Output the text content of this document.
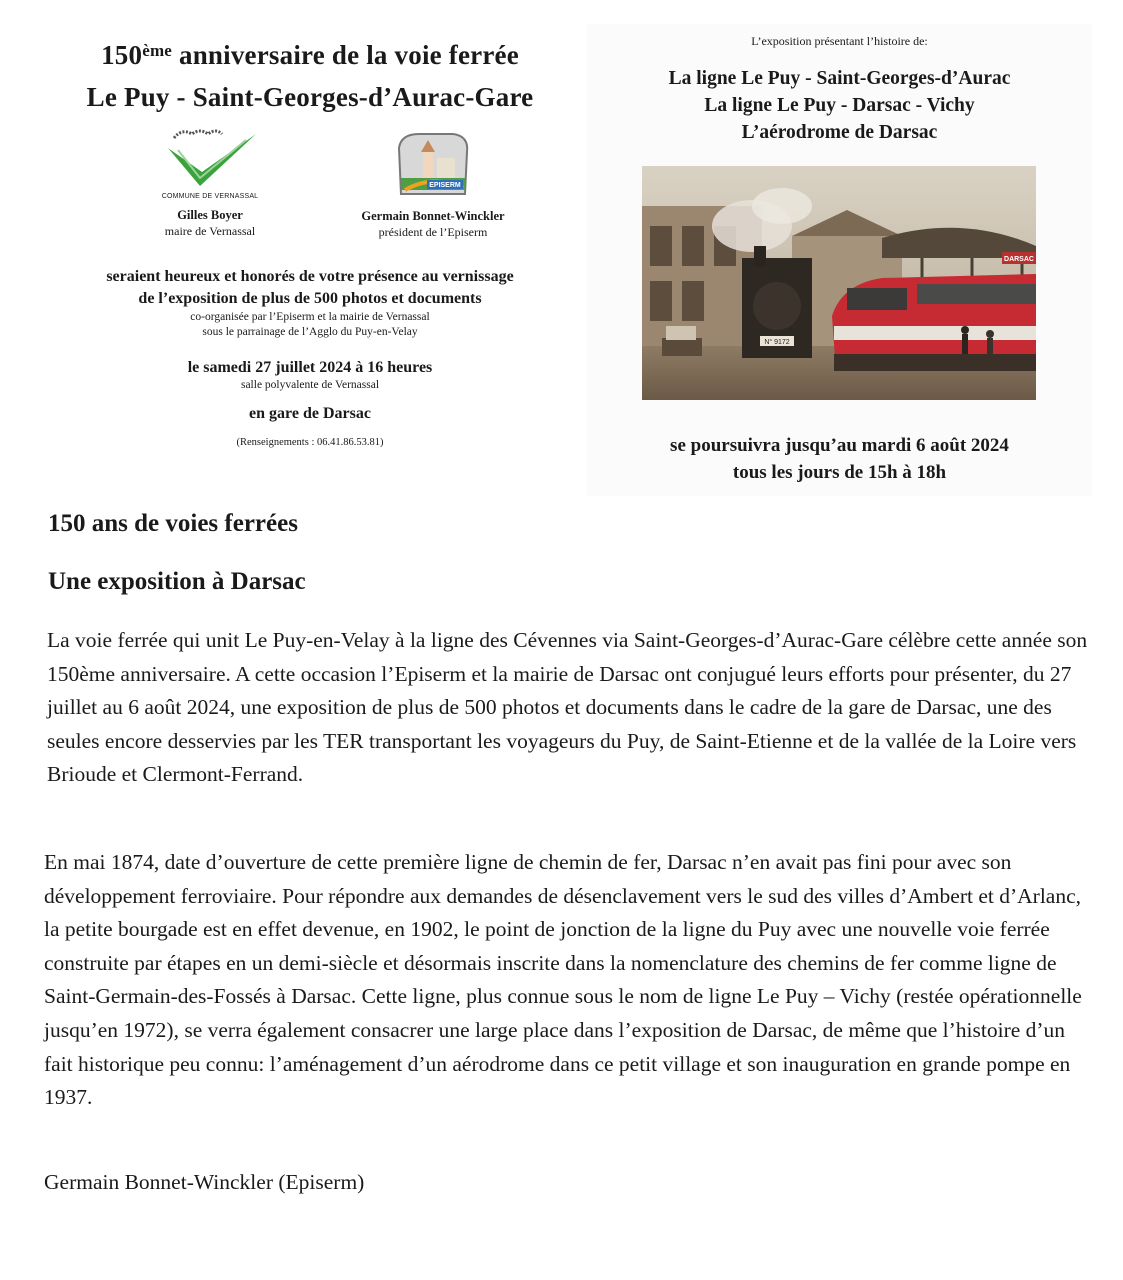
150ème anniversaire de la voie ferrée
Le Puy - Saint-Georges-d’Aurac-Gare
COMMUNE DE VERNASSAL
Gilles Boyer
maire de Vernassal
EPISERM
Germain Bonnet-Winckler
président de l’Episerm
seraient heureux et honorés de votre présence au vernissage
de l’exposition de plus de 500 photos et documents
co-organisée par l’Episerm et la mairie de Vernassal
sous le parrainage de l’Agglo du Puy-en-Velay
le samedi 27 juillet 2024 à 16 heures
salle polyvalente de Vernassal
en gare de Darsac
(Renseignements : 06.41.86.53.81)
L’exposition présentant l’histoire de:
La ligne Le Puy - Saint-Georges-d’Aurac
La ligne Le Puy - Darsac - Vichy
L’aérodrome de Darsac
DARSAC
N° 9172
se poursuivra jusqu’au mardi 6 août 2024
tous les jours de 15h à 18h
150 ans de voies ferrées
Une exposition à Darsac

La voie ferrée qui unit Le Puy-en-Velay à la ligne des Cévennes via Saint-Georges-d’Aurac-Gare célèbre cette année son 150ème anniversaire. A cette occasion l’Episerm et la mairie de Darsac ont conjugué leurs efforts pour présenter, du 27 juillet au 6 août 2024, une exposition de plus de 500 photos et documents dans le cadre de la gare de Darsac, une des seules encore desservies par les TER transportant les voyageurs du Puy, de Saint-Etienne et de la vallée de la Loire vers Brioude et Clermont-Ferrand.

En mai 1874, date d’ouverture de cette première ligne de chemin de fer, Darsac n’en avait pas fini pour avec son développement ferroviaire. Pour répondre aux demandes de désenclavement vers le sud des villes d’Ambert et d’Arlanc, la petite bourgade est en effet devenue, en 1902, le point de jonction de la ligne du Puy avec une nouvelle voie ferrée construite par étapes en un demi-siècle et désormais inscrite dans la nomenclature des chemins de fer comme ligne de Saint-Germain-des-Fossés à Darsac. Cette ligne, plus connue sous le nom de ligne Le Puy – Vichy (restée opérationnelle jusqu’en 1972), se verra également consacrer une large place dans l’exposition de Darsac, de même que l’histoire d’un fait historique peu connu: l’aménagement d’un aérodrome dans ce petit village et son inauguration en grande pompe en 1937.

Germain Bonnet-Winckler (Episerm)
